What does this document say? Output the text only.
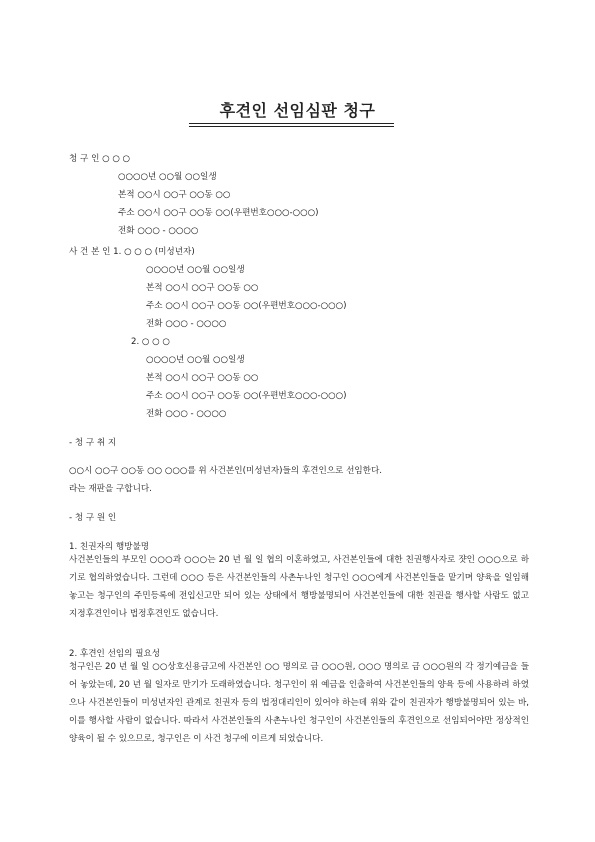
후견인 선임심판 청구
청 구 인 ○ ○ ○
○○○○년 ○○월 ○○일생
본적 ○○시 ○○구 ○○동 ○○
주소 ○○시 ○○구 ○○동 ○○(우편번호○○○-○○○)
전화 ○○○ - ○○○○
사 건 본 인 1. ○ ○ ○ (미성년자)
○○○○년 ○○월 ○○일생
본적 ○○시 ○○구 ○○동 ○○
주소 ○○시 ○○구 ○○동 ○○(우편번호○○○-○○○)
전화 ○○○ - ○○○○
2. ○ ○ ○
○○○○년 ○○월 ○○일생
본적 ○○시 ○○구 ○○동 ○○
주소 ○○시 ○○구 ○○동 ○○(우편번호○○○-○○○)
전화 ○○○ - ○○○○
- 청 구 취 지
○○시 ○○구 ○○동 ○○ ○○○를 위 사건본인(미성년자)들의 후견인으로 선임한다.
라는 재판을 구합니다.
- 청 구 원 인
1. 친권자의 행방불명
사건본인들의 부모인 ○○○과 ○○○는 20 년 월 일 협의 이혼하였고, 사건본인들에 대한 친권행사자로 쟛인 ○○○으로 하기로 협의하였습니다. 그런데 ○○○ 등은 사건본인들의 사촌누나인 청구인 ○○○에게 사건본인들을 맡기며 양육을 일임해 놓고는 청구인의 주민등록에 전입신고만 되어 있는 상태에서 행방불명되어 사건본인들에 대한 친권을 행사할 사람도 없고 지정후견인이나 법정후견인도 없습니다.
2. 후견인 선임의 필요성
청구인은 20 년 월 일 ○○상호신용금고에 사건본인 ○○ 명의로 금 ○○○원, ○○○ 명의로 금 ○○○원의 각 정기예금을 들어 놓았는데, 20 년 월 일자로 만기가 도래하였습니다. 청구인이 위 예금을 인출하여 사건본인들의 양육 등에 사용하려 하였으나 사건본인들이 미성년자인 관계로 친권자 등의 법정대리인이 있어야 하는데 위와 같이 친권자가 행방불명되어 있는 바, 이를 행사할 사람이 없습니다. 따라서 사건본인들의 사촌누나인 청구인이 사건본인들의 후견인으로 선임되어야만 정상적인 양육이 될 수 있으므로, 청구인은 이 사건 청구에 이르게 되었습니다.
